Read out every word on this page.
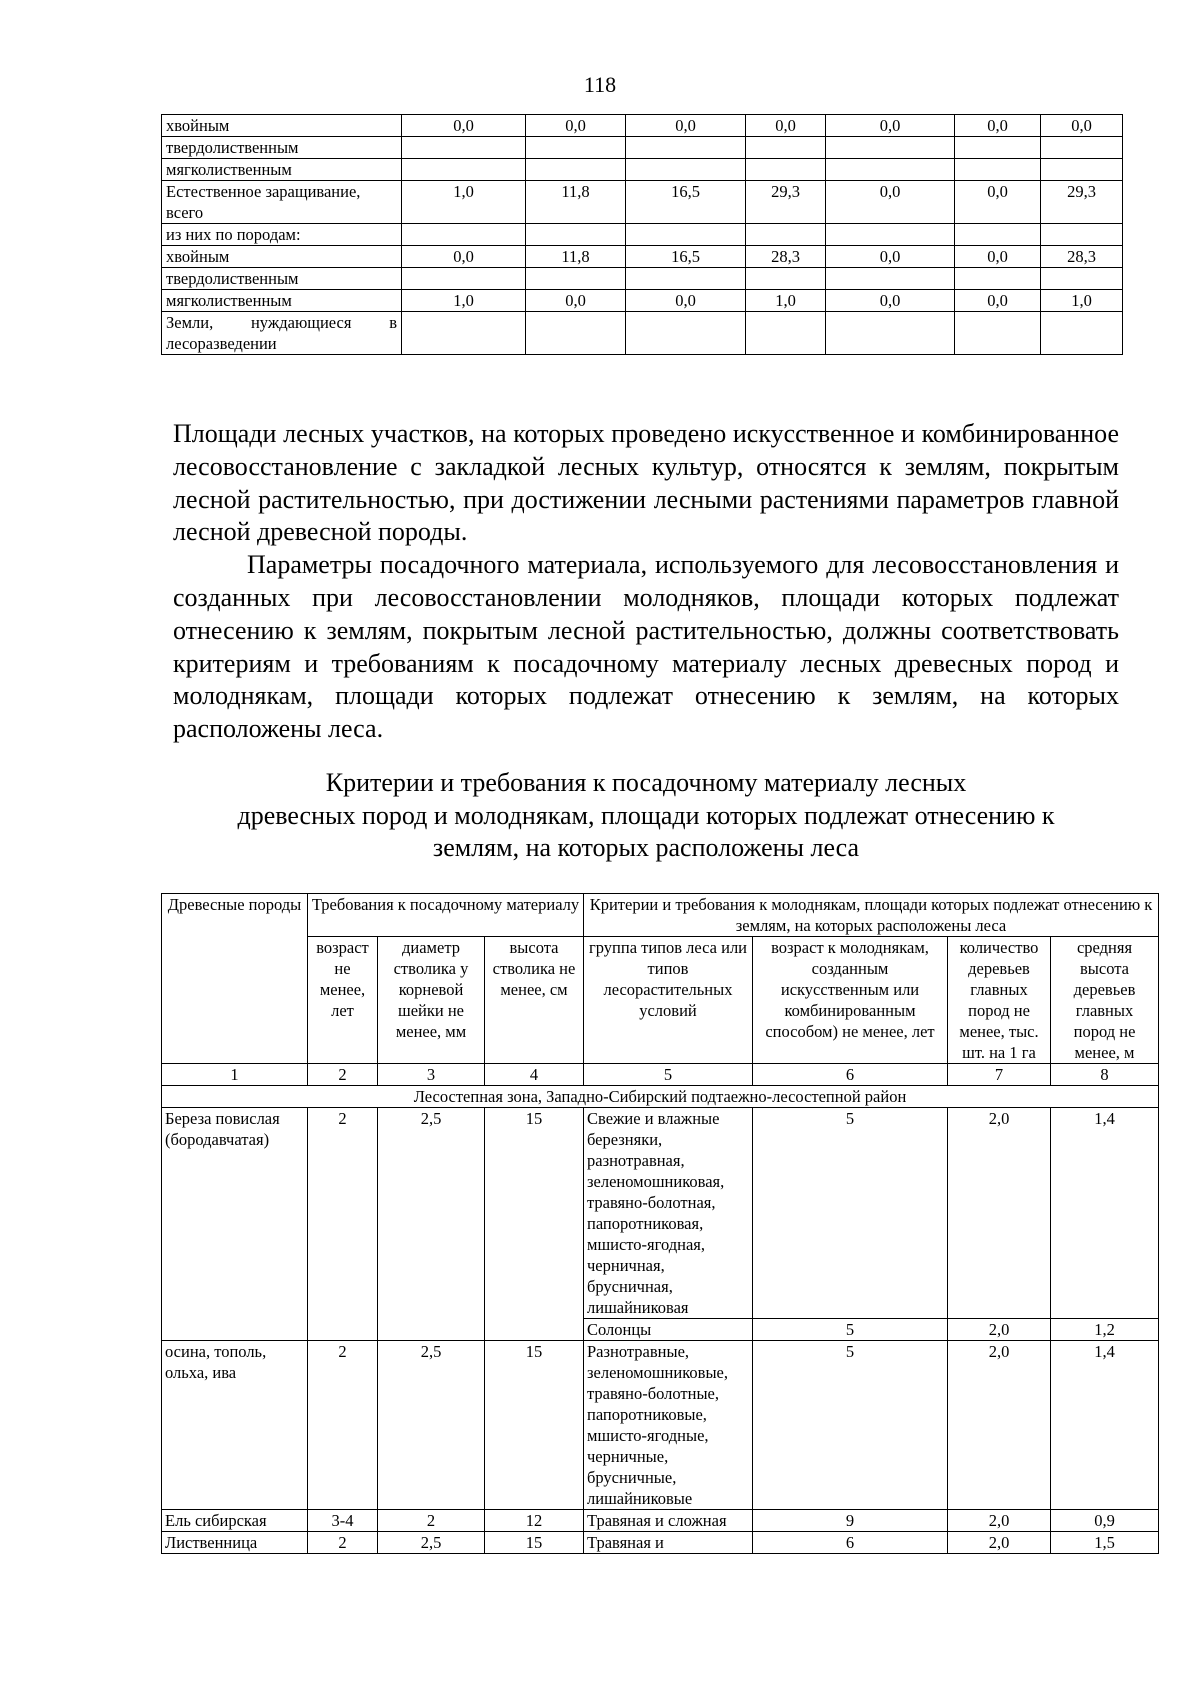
118
хвойным	0,0	0,0	0,0	0,0	0,0	0,0	0,0
твердолиственным							
мягколиственным							
Естественное заращивание, всего	1,0	11,8	16,5	29,3	0,0	0,0	29,3
из них по породам:							
хвойным	0,0	11,8	16,5	28,3	0,0	0,0	28,3
твердолиственным							
мягколиственным	1,0	0,0	0,0	1,0	0,0	0,0	1,0

Земли, нуждающиеся в
лесоразведении							

Площади лесных участков, на которых проведено искусственное и комбинированное лесовосстановление с закладкой лесных культур, относятся к землям, покрытым лесной растительностью, при достижении лесными растениями параметров главной лесной древесной породы.

Параметры посадочного материала, используемого для лесовосстановления и созданных при лесовосстановлении молодняков, площади которых подлежат отнесению к землям, покрытым лесной растительностью, должны соответствовать критериям и требованиям к посадочному материалу лесных древесных пород и молоднякам, площади которых подлежат отнесению к землям, на которых расположены леса.

Критерии и требования к посадочному материалу лесных
древесных пород и молоднякам, площади которых подлежат отнесению к
землям, на которых расположены леса
Древесные породы	Требования к посадочному материалу			Критерии и требования к молоднякам, площади которых подлежат отнесению к землям, на которых расположены леса			
	возраст не менее, лет	диаметр стволика у корневой шейки не менее, мм	высота стволика не менее, см	группа типов леса или типов лесорастительных условий	возраст к молоднякам, созданным искусственным или комбинированным способом) не менее, лет	количество деревьев главных пород не менее, тыс. шт. на 1 га	средняя высота деревьев главных пород не менее, м
1	2	3	4	5	6	7	8
Лесостепная зона, Западно-Сибирский подтаежно-лесостепной район							
Береза повислая (бородавчатая)	2	2,5	15	Свежие и влажные березняки, разнотравная, зеленомошниковая, травяно-болотная, папоротниковая, мшисто-ягодная, черничная, брусничная, лишайниковая	5	2,0	1,4
				Солонцы	5	2,0	1,2
осина, тополь, ольха, ива	2	2,5	15	Разнотравные, зеленомошниковые, травяно-болотные, папоротниковые, мшисто-ягодные, черничные, брусничные, лишайниковые	5	2,0	1,4
Ель сибирская	3-4	2	12	Травяная и сложная	9	2,0	0,9
Лиственница	2	2,5	15	Травяная и	6	2,0	1,5
